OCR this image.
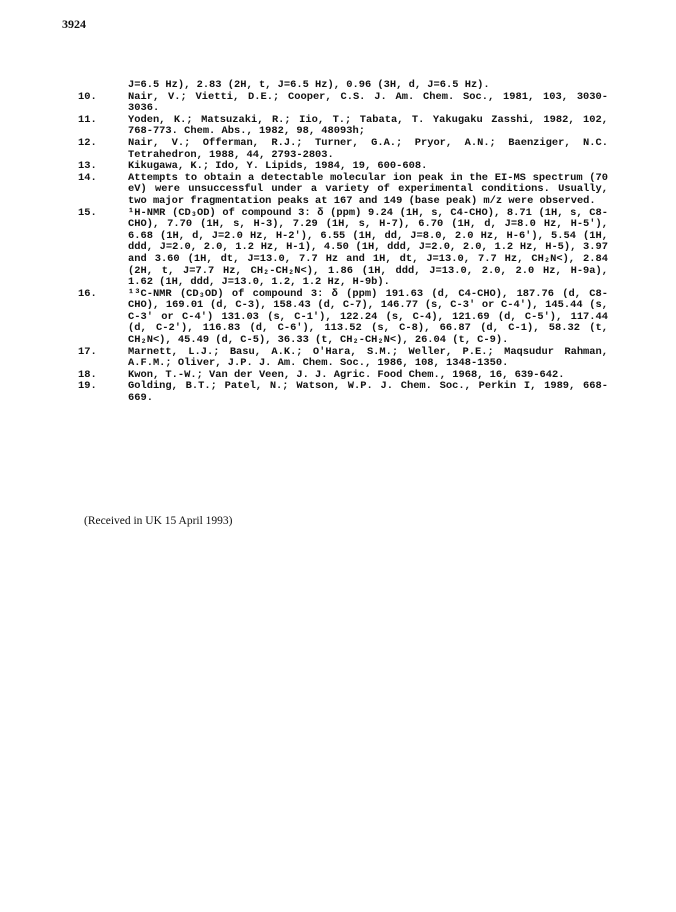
3924
J=6.5 Hz), 2.83 (2H, t, J=6.5 Hz), 0.96 (3H, d, J=6.5 Hz).
10.	Nair, V.; Vietti, D.E.; Cooper, C.S. J. Am. Chem. Soc., 1981, 103, 3030-3036.
11.	Yoden, K.; Matsuzaki, R.; Iio, T.; Tabata, T. Yakugaku Zasshi, 1982, 102, 768-773. Chem. Abs., 1982, 98, 48093h;
12.	Nair, V.; Offerman, R.J.; Turner, G.A.; Pryor, A.N.; Baenziger, N.C. Tetrahedron, 1988, 44, 2793-2803.
13.	Kikugawa, K.; Ido, Y. Lipids, 1984, 19, 600-608.
14.	Attempts to obtain a detectable molecular ion peak in the EI-MS spectrum (70 eV) were unsuccessful under a variety of experimental conditions. Usually, two major fragmentation peaks at 167 and 149 (base peak) m/z were observed.
15.	¹H-NMR (CD₃OD) of compound 3: δ (ppm) 9.24 (1H, s, C4-CHO), 8.71 (1H, s, C8-CHO), 7.70 (1H, s, H-3), 7.29 (1H, s, H-7), 6.70 (1H, d, J=8.0 Hz, H-5'), 6.68 (1H, d, J=2.0 Hz, H-2'), 6.55 (1H, dd, J=8.0, 2.0 Hz, H-6'), 5.54 (1H, ddd, J=2.0, 2.0, 1.2 Hz, H-1), 4.50 (1H, ddd, J=2.0, 2.0, 1.2 Hz, H-5), 3.97 and 3.60 (1H, dt, J=13.0, 7.7 Hz and 1H, dt, J=13.0, 7.7 Hz, CH₂N<), 2.84 (2H, t, J=7.7 Hz, CH₂-CH₂N<), 1.86 (1H, ddd, J=13.0, 2.0, 2.0 Hz, H-9a), 1.62 (1H, ddd, J=13.0, 1.2, 1.2 Hz, H-9b).
16.	¹³C-NMR (CD₃OD) of compound 3: δ (ppm) 191.63 (d, C4-CHO), 187.76 (d, C8-CHO), 169.01 (d, C-3), 158.43 (d, C-7), 146.77 (s, C-3' or C-4'), 145.44 (s, C-3' or C-4') 131.03 (s, C-1'), 122.24 (s, C-4), 121.69 (d, C-5'), 117.44 (d, C-2'), 116.83 (d, C-6'), 113.52 (s, C-8), 66.87 (d, C-1), 58.32 (t, CH₂N<), 45.49 (d, C-5), 36.33 (t, CH₂-CH₂N<), 26.04 (t, C-9).
17.	Marnett, L.J.; Basu, A.K.; O'Hara, S.M.; Weller, P.E.; Maqsudur Rahman, A.F.M.; Oliver, J.P. J. Am. Chem. Soc., 1986, 108, 1348-1350.
18.	Kwon, T.-W.; Van der Veen, J. J. Agric. Food Chem., 1968, 16, 639-642.
19.	Golding, B.T.; Patel, N.; Watson, W.P. J. Chem. Soc., Perkin I, 1989, 668-669.
(Received in UK 15 April 1993)
